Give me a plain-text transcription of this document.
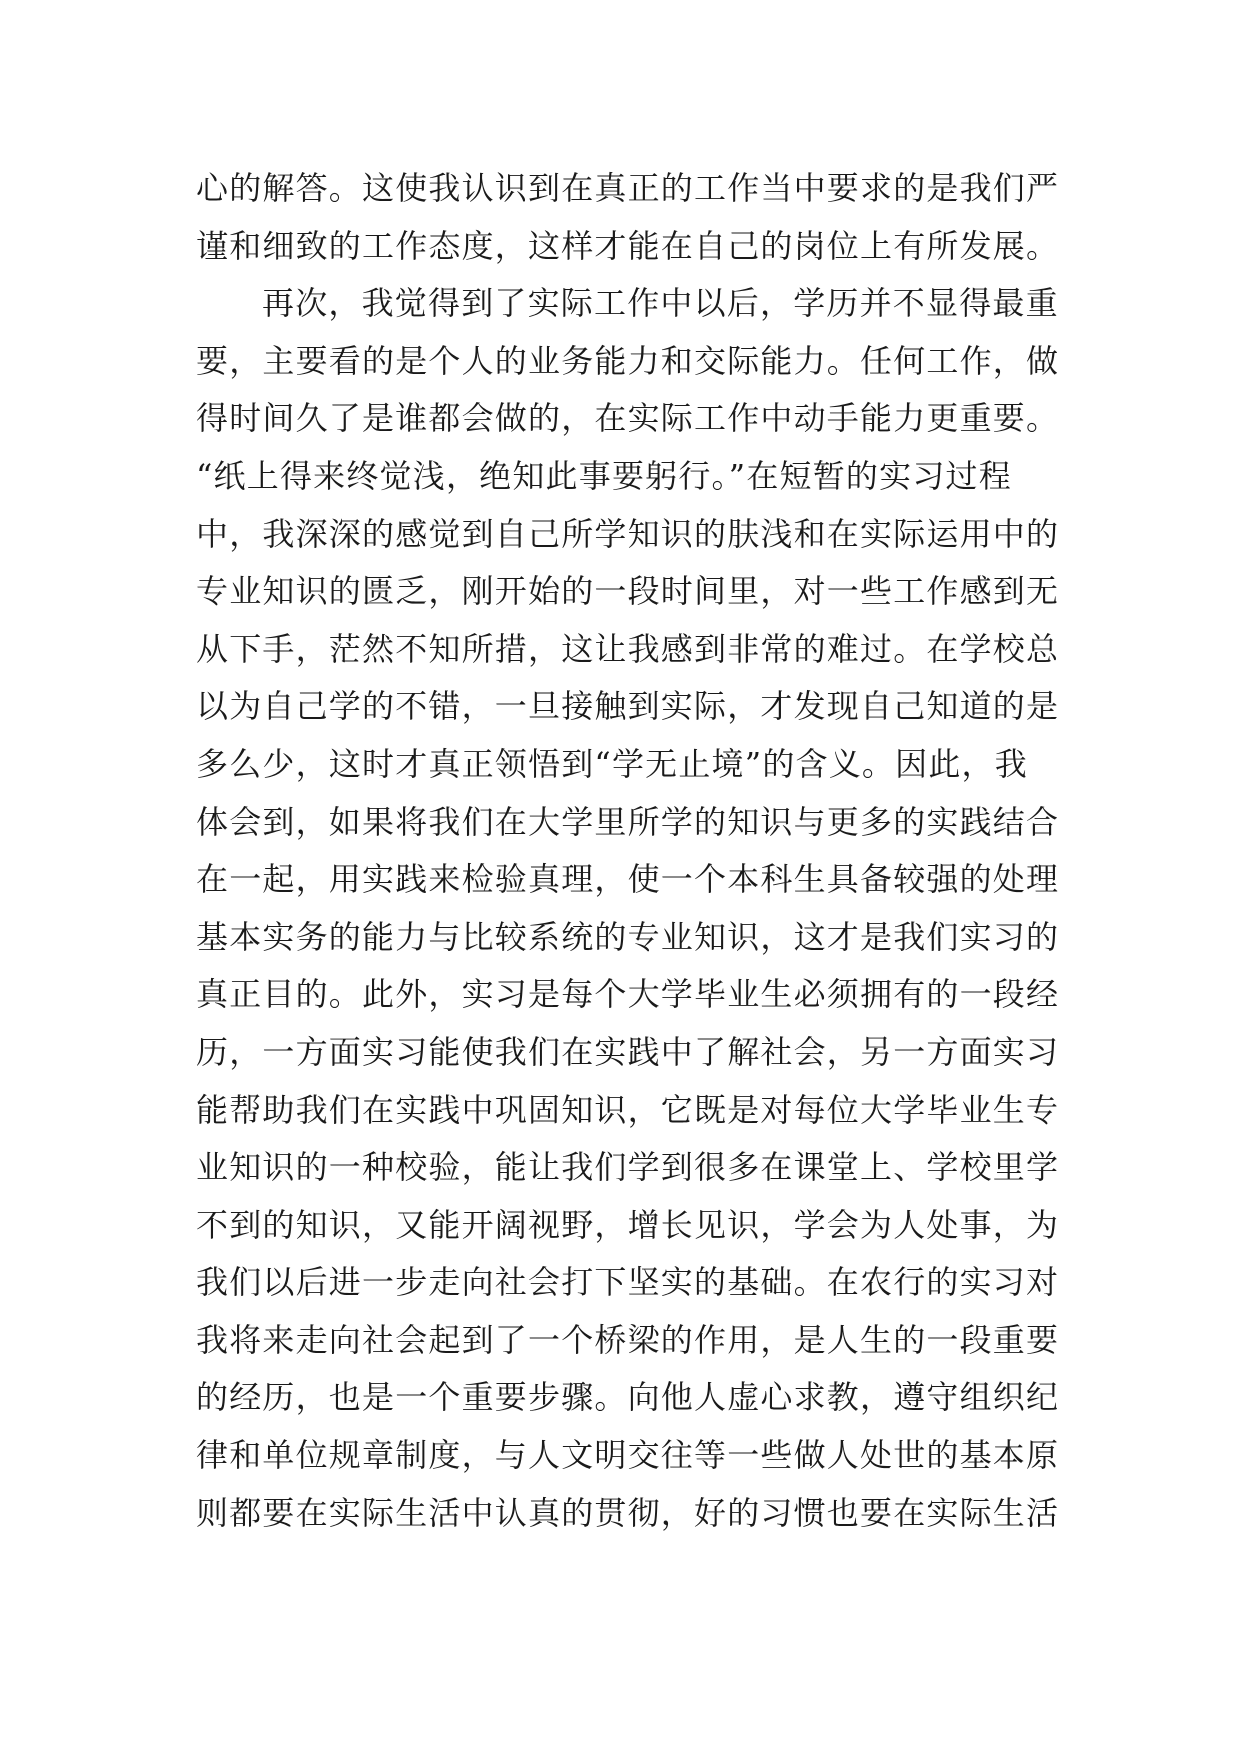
心的解答。这使我认识到在真正的工作当中要求的是我们严
谨和细致的工作态度，这样才能在自己的岗位上有所发展。
再次，我觉得到了实际工作中以后，学历并不显得最重
要，主要看的是个人的业务能力和交际能力。任何工作，做
得时间久了是谁都会做的，在实际工作中动手能力更重要。
“纸上得来终觉浅，绝知此事要躬行。”在短暂的实习过程
中，我深深的感觉到自己所学知识的肤浅和在实际运用中的
专业知识的匮乏，刚开始的一段时间里，对一些工作感到无
从下手，茫然不知所措，这让我感到非常的难过。在学校总
以为自己学的不错，一旦接触到实际，才发现自己知道的是
多么少，这时才真正领悟到“学无止境”的含义。因此，我
体会到，如果将我们在大学里所学的知识与更多的实践结合
在一起，用实践来检验真理，使一个本科生具备较强的处理
基本实务的能力与比较系统的专业知识，这才是我们实习的
真正目的。此外，实习是每个大学毕业生必须拥有的一段经
历，一方面实习能使我们在实践中了解社会，另一方面实习
能帮助我们在实践中巩固知识，它既是对每位大学毕业生专
业知识的一种校验，能让我们学到很多在课堂上、学校里学
不到的知识，又能开阔视野，增长见识，学会为人处事，为
我们以后进一步走向社会打下坚实的基础。在农行的实习对
我将来走向社会起到了一个桥梁的作用，是人生的一段重要
的经历，也是一个重要步骤。向他人虚心求教，遵守组织纪
律和单位规章制度，与人文明交往等一些做人处世的基本原
则都要在实际生活中认真的贯彻，好的习惯也要在实际生活
